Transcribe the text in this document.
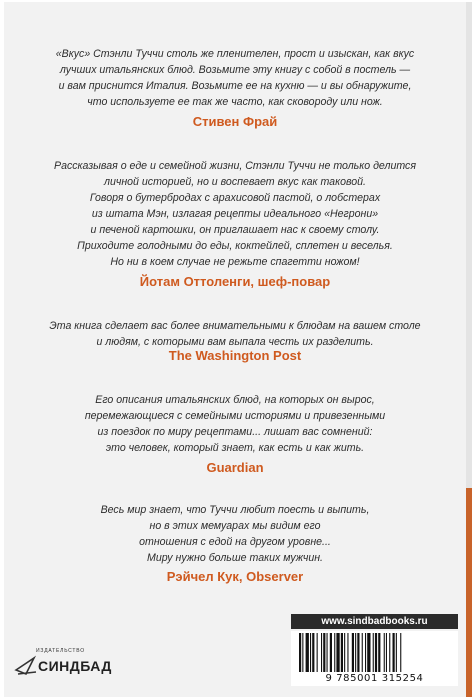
«Вкус» Стэнли Туччи столь же пленителен, прост и изыскан, как вкус
лучших итальянских блюд. Возьмите эту книгу с собой в постель —
и вам приснится Италия. Возьмите ее на кухню — и вы обнаружите,
что используете ее так же часто, как сковороду или нож.
Стивен Фрай
Рассказывая о еде и семейной жизни, Стэнли Туччи не только делится
личной историей, но и воспевает вкус как таковой.
Говоря о бутербродах с арахисовой пастой, о лобстерах
из штата Мэн, излагая рецепты идеального «Негрони»
и печеной картошки, он приглашает нас к своему столу.
Приходите голодными до еды, коктейлей, сплетен и веселья.
Но ни в коем случае не режьте спагетти ножом!
Йотам Оттоленги, шеф-повар
Эта книга сделает вас более внимательными к блюдам на вашем столе
и людям, с которыми вам выпала честь их разделить.
The Washington Post
Его описания итальянских блюд, на которых он вырос,
перемежающиеся с семейными историями и привезенными
из поездок по миру рецептами... лишат вас сомнений:
это человек, который знает, как есть и как жить.
Guardian
Весь мир знает, что Туччи любит поесть и выпить,
но в этих мемуарах мы видим его
отношения с едой на другом уровне...
Миру нужно больше таких мужчин.
Рэйчел Кук, Observer
ИЗДАТЕЛЬСТВО
СИНДБАД
www.sindbadbooks.ru
9 785001 315254
